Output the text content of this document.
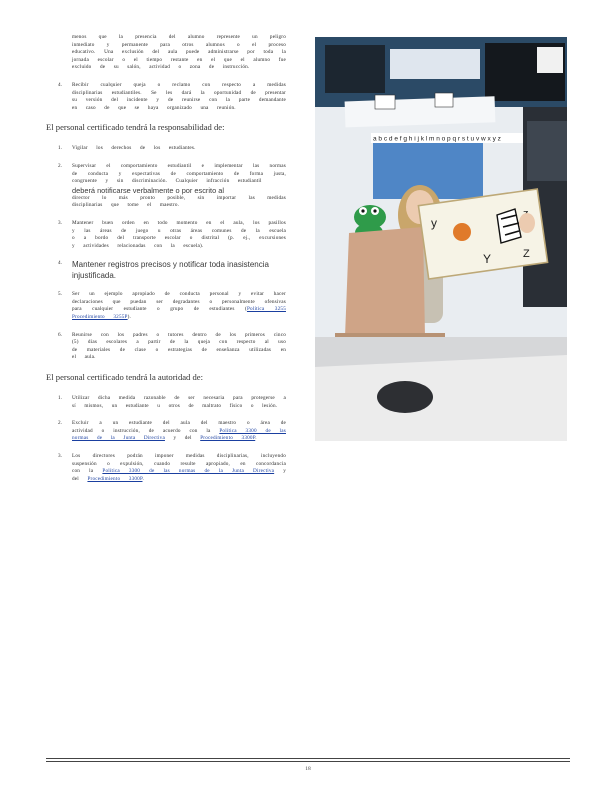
menos que la presencia del alumno represente un peligro inmediato y permanente para otros alumnos o el proceso educativo. Una exclusión del aula puede administrarse por toda la jornada escolar o el tiempo restante en el que el alumno fue excluido de su salón, actividad o zona de instrucción.

4. Recibir cualquier queja o reclamo con respecto a medidas disciplinarias estudiantiles. Se les dará la oportunidad de presentar su versión del incidente y de reunirse con la parte demandante en caso de que se haya organizado una reunión.

El personal certificado tendrá la responsabilidad de:
1. Vigilar los derechos de los estudiantes.

2. Supervisar el comportamiento estudiantil e implementar las normas de conducta y expectativas de comportamiento de forma justa, congruente y sin discriminación. Cualquier infracción estudiantil

deberá notificarse verbalmente o por escrito al

director lo más pronto posible, sin importar las medidas disciplinarias que tome el maestro.

3. Mantener buen orden en todo momento en el aula, los pasillos y las áreas de juego u otras áreas comunes de la escuela o a bordo del transporte escolar o distrital (p. ej., excursiones y actividades relacionadas con la escuela).

4. Mantener registros precisos y notificar toda inasistencia injustificada.

5. Ser un ejemplo apropiado de conducta personal y evitar hacer declaraciones que puedan ser degradantes o personalmente ofensivas para cualquier estudiante o grupo de estudiantes (Política 3255 Procedimiento 3255P).

6. Reunirse con los padres o tutores dentro de los primeros cinco (5) días escolares a partir de la queja con respecto al uso de materiales de clase o estrategias de enseñanza utilizadas en el aula.

El personal certificado tendrá la autoridad de:
1. Utilizar dicha medida razonable de ser necesaria para protegerse a sí mismos, un estudiante u otros de maltrato físico o lesión.

2. Excluir a un estudiante del aula del maestro o área de actividad o instrucción, de acuerdo con la Política 3300 de las normas de la Junta Directiva y del Procedimiento 3300P.

3. Los directores podrán imponer medidas disciplinarias, incluyendo suspensión o expulsión, cuando resulte apropiado, en concordancia con la Política 3300 de las normas de la Junta Directiva y del Procedimiento 3300P.

a b c d e f g h i j k l m n o p q r s t u v w x y z
y
Y	Z
18
